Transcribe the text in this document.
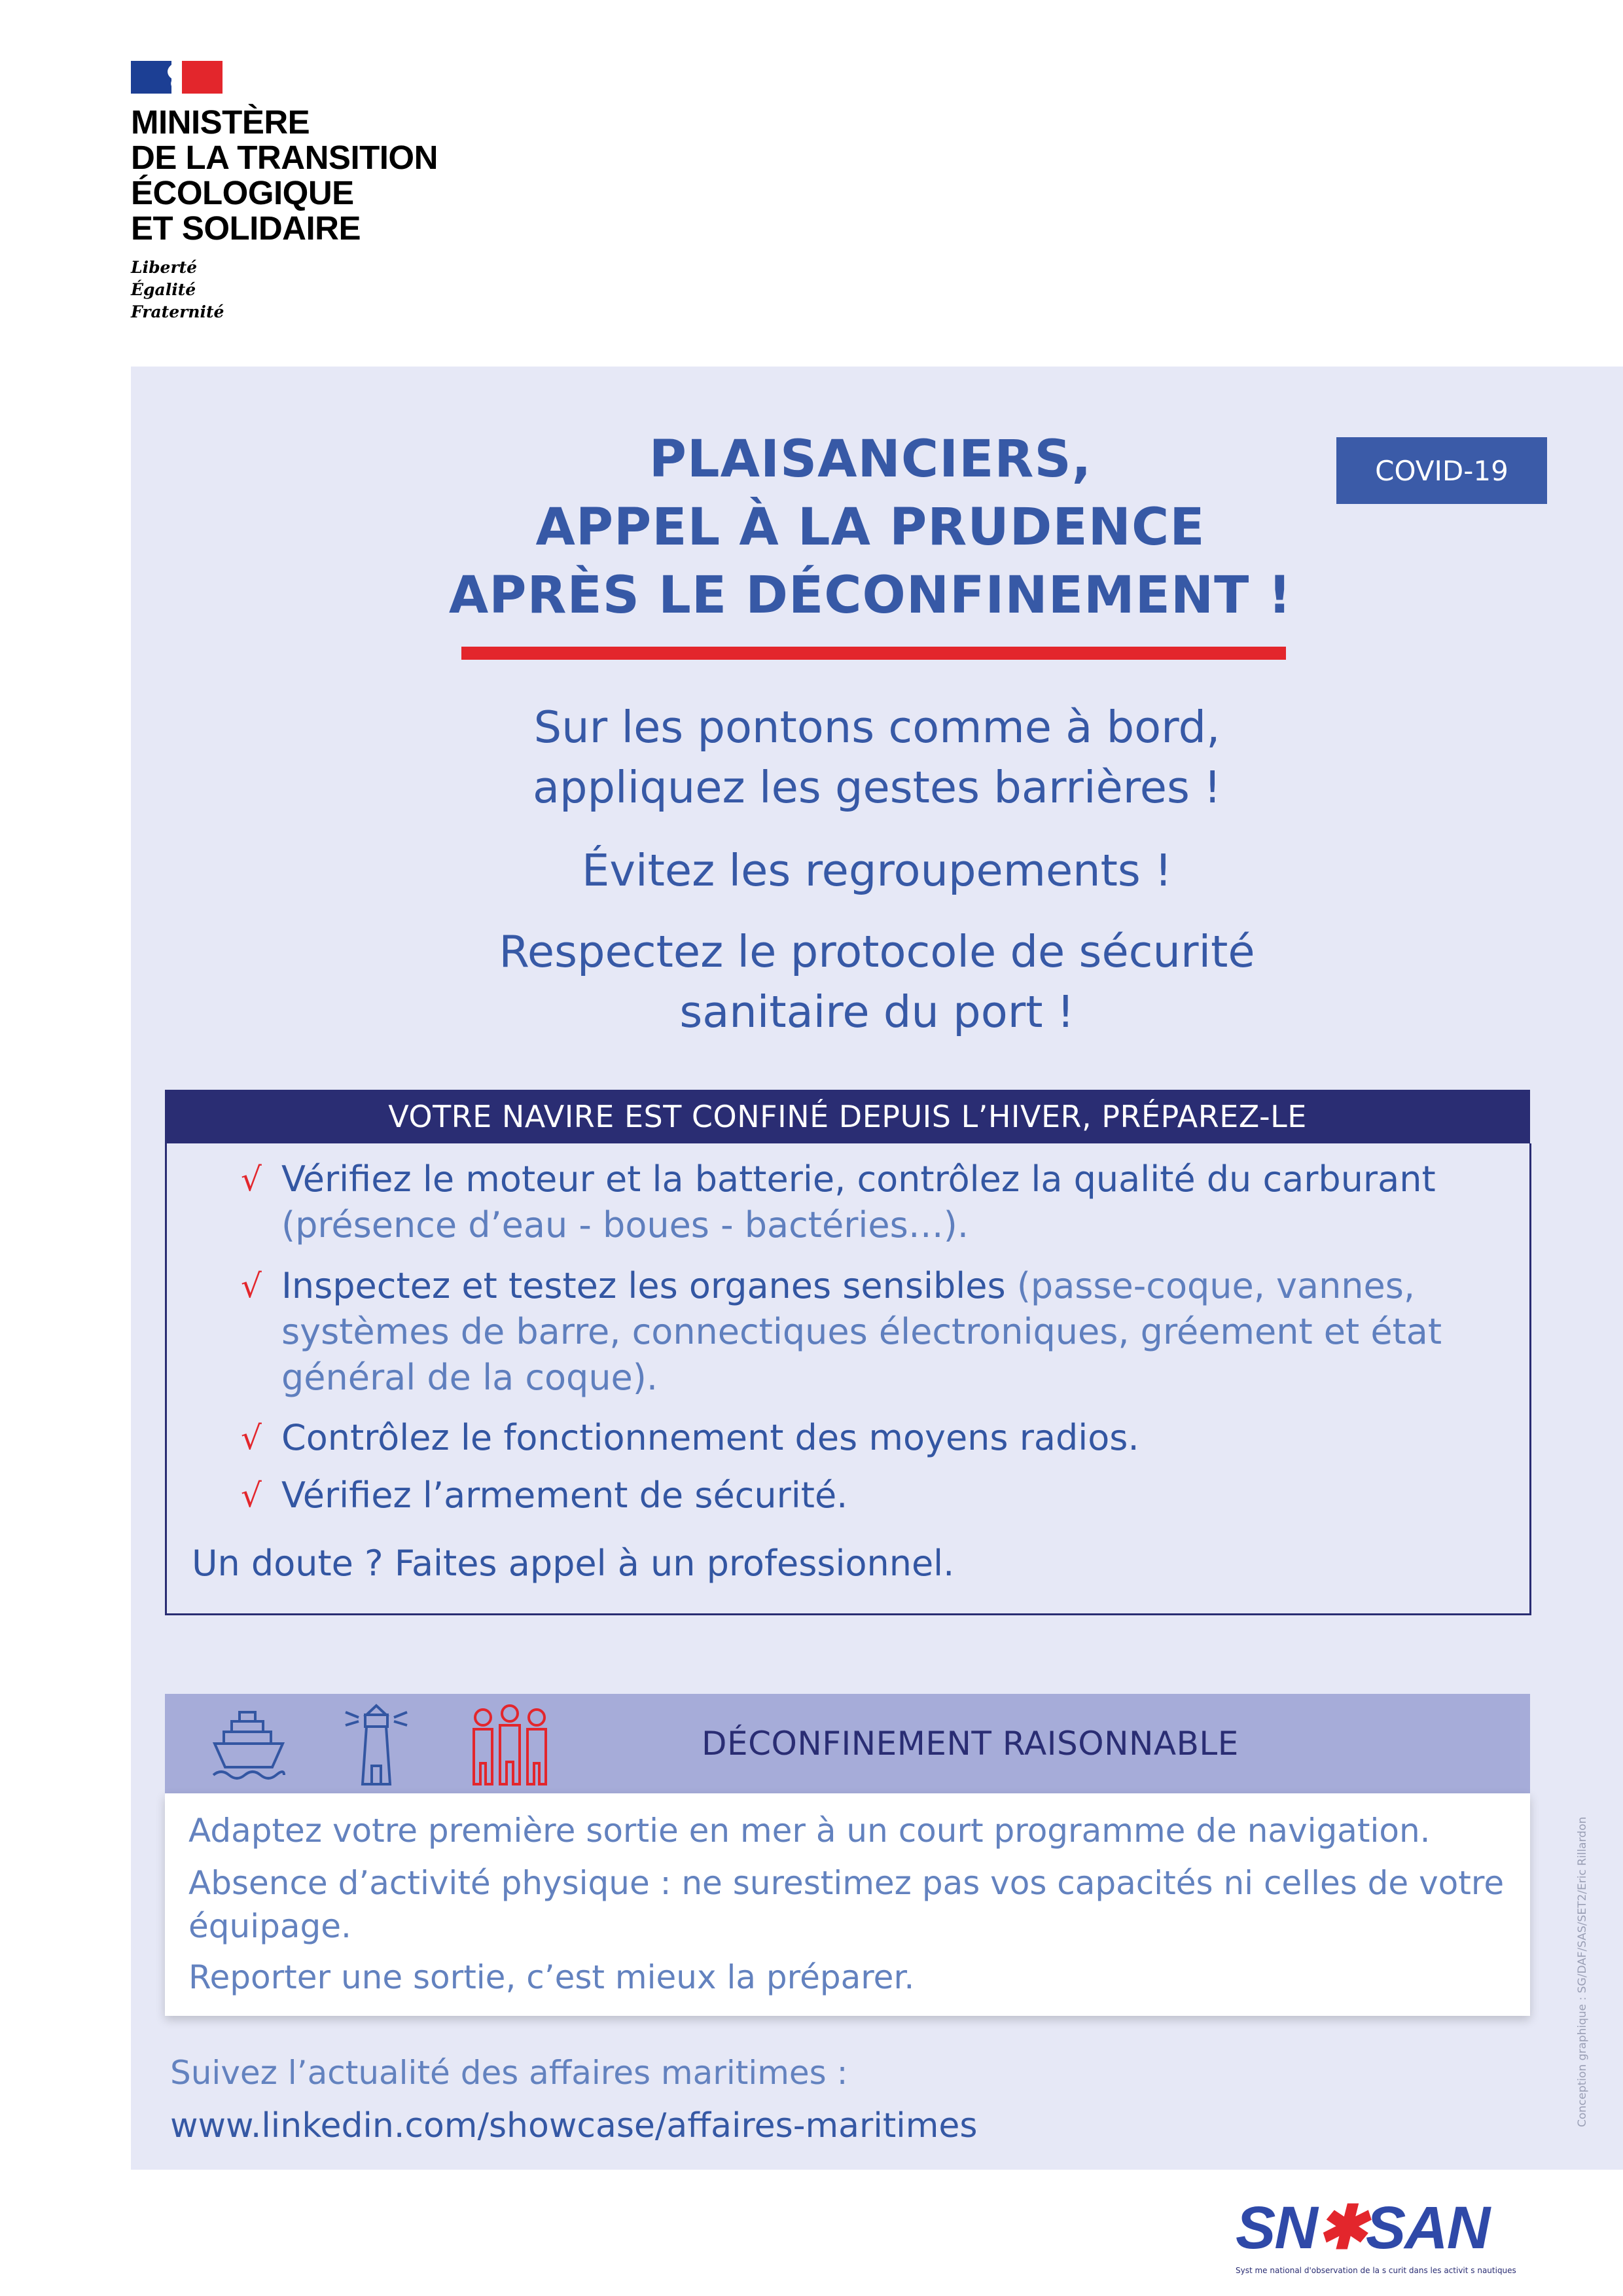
MINISTÈRE
DE LA TRANSITION
ÉCOLOGIQUE
ET SOLIDAIRE
Liberté
Égalité
Fraternité
COVID-19
PLAISANCIERS,
APPEL À LA PRUDENCE
APRÈS LE DÉCONFINEMENT !
Sur les pontons comme à bord,
appliquez les gestes barrières !
Évitez les regroupements !
Respectez le protocole de sécurité
sanitaire du port !
VOTRE NAVIRE EST CONFINÉ DEPUIS L’HIVER, PRÉPAREZ-LE
√ Vérifiez le moteur et la batterie, contrôlez la qualité du carburant (présence d’eau - boues - bactéries…).
√ Inspectez et testez les organes sensibles (passe-coque, vannes, systèmes de barre, connectiques électroniques, gréement et état général de la coque).
√ Contrôlez le fonctionnement des moyens radios.
√ Vérifiez l’armement de sécurité.
Un doute ? Faites appel à un professionnel.
DÉCONFINEMENT RAISONNABLE
Adaptez votre première sortie en mer à un court programme de navigation.
Absence d’activité physique : ne surestimez pas vos capacités ni celles de votre équipage.
Reporter une sortie, c’est mieux la préparer.
Suivez l’actualité des affaires maritimes :
www.linkedin.com/showcase/affaires-maritimes	Conception graphique : SG/DAF/SAS/SET2/Eric Rillardon
SN✱SAN
Syst me national d'observation de la s curit dans les activit s nautiques
